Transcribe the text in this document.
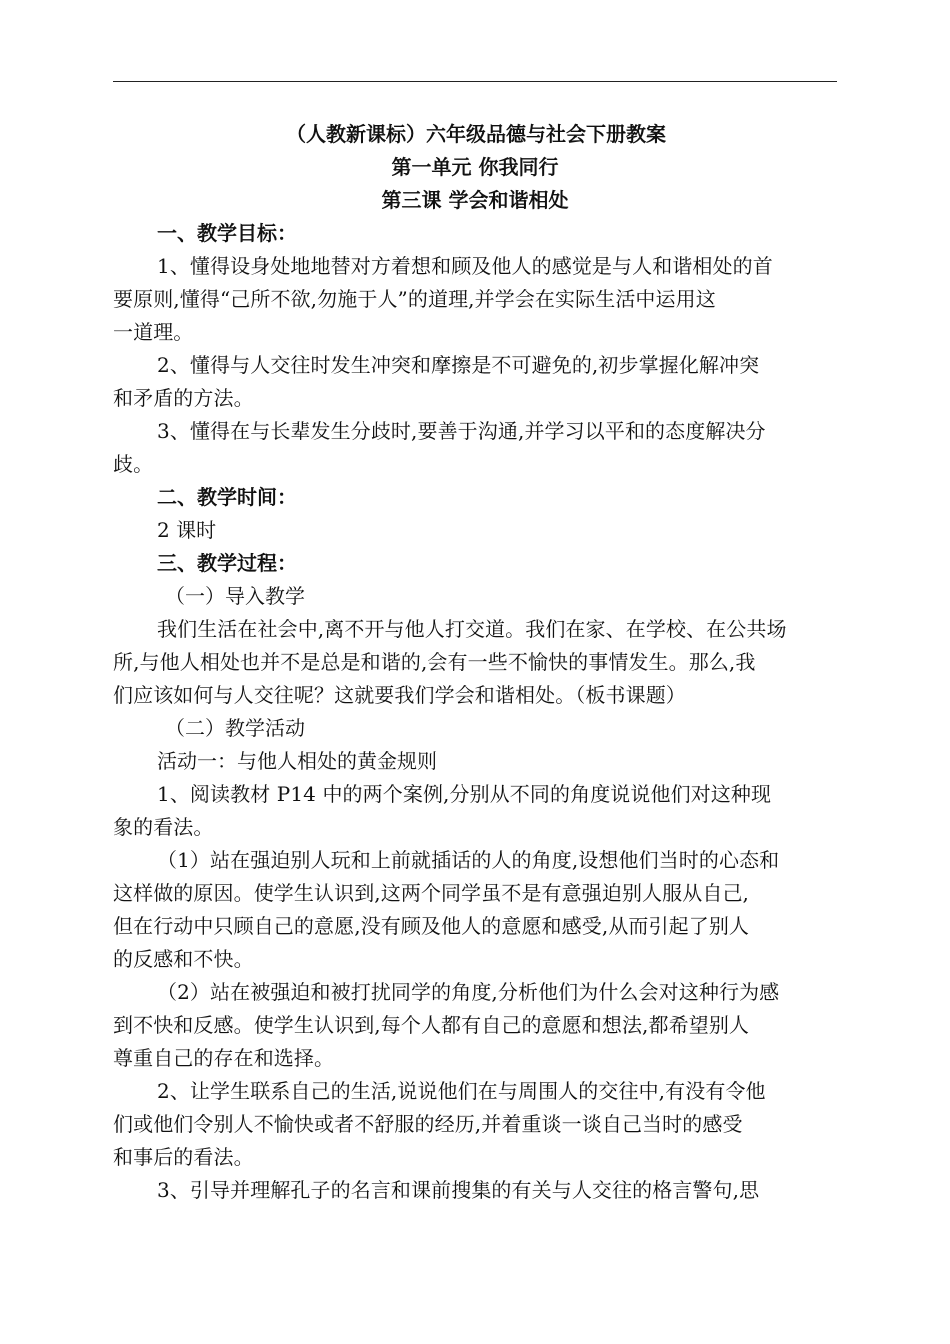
（人教新课标）六年级品德与社会下册教案

第一单元 你我同行

第三课 学会和谐相处

一、教学目标：

1、懂得设身处地地替对方着想和顾及他人的感觉是与人和谐相处的首
要原则,懂得“己所不欲,勿施于人”的道理,并学会在实际生活中运用这
一道理。

2、懂得与人交往时发生冲突和摩擦是不可避免的,初步掌握化解冲突
和矛盾的方法。

3、懂得在与长辈发生分歧时,要善于沟通,并学习以平和的态度解决分
歧。

二、教学时间：

2 课时

三、教学过程：

（一）导入教学

我们生活在社会中,离不开与他人打交道。我们在家、在学校、在公共场
所,与他人相处也并不是总是和谐的,会有一些不愉快的事情发生。那么,我
们应该如何与人交往呢？这就要我们学会和谐相处。（板书课题）

（二）教学活动

活动一：与他人相处的黄金规则

1、阅读教材 P14 中的两个案例,分别从不同的角度说说他们对这种现
象的看法。

（1）站在强迫别人玩和上前就插话的人的角度,设想他们当时的心态和
这样做的原因。使学生认识到,这两个同学虽不是有意强迫别人服从自己,
但在行动中只顾自己的意愿,没有顾及他人的意愿和感受,从而引起了别人
的反感和不快。

（2）站在被强迫和被打扰同学的角度,分析他们为什么会对这种行为感
到不快和反感。使学生认识到,每个人都有自己的意愿和想法,都希望别人
尊重自己的存在和选择。

2、让学生联系自己的生活,说说他们在与周围人的交往中,有没有令他
们或他们令别人不愉快或者不舒服的经历,并着重谈一谈自己当时的感受
和事后的看法。

3、引导并理解孔子的名言和课前搜集的有关与人交往的格言警句,思
